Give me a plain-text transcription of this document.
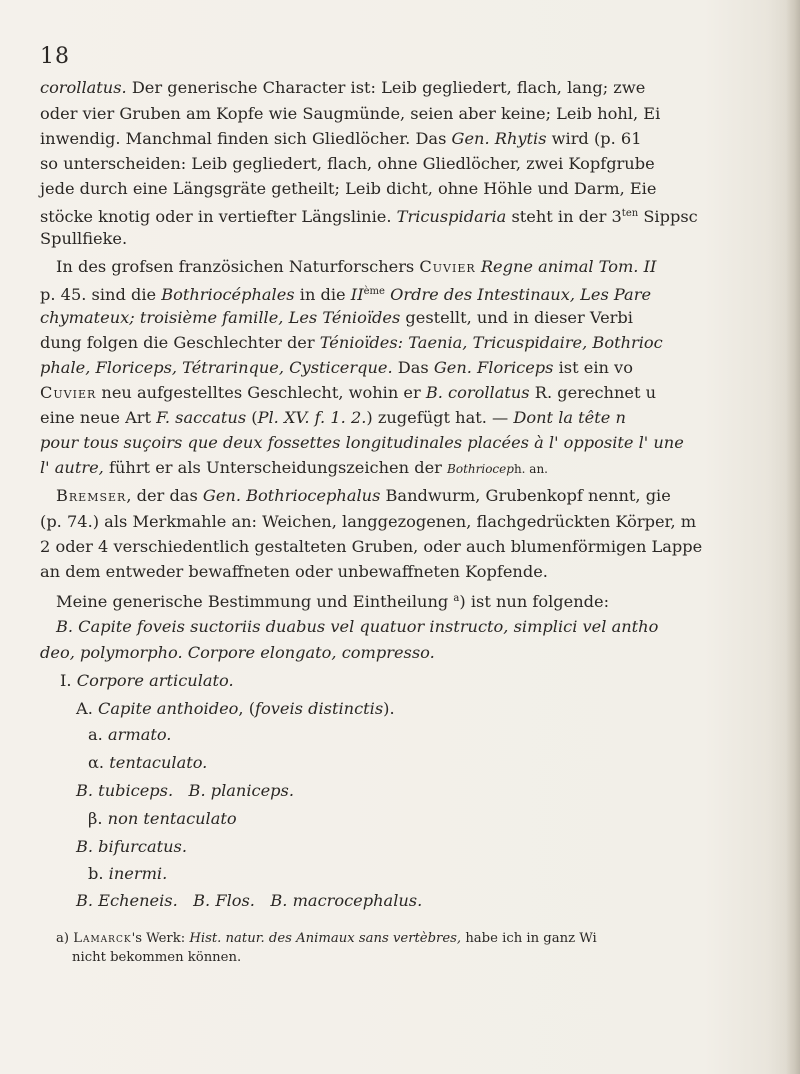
18
corollatus. Der generische Character ist: Leib gegliedert, flach, lang; zwe
oder vier Gruben am Kopfe wie Saugmünde, seien aber keine; Leib hohl, Ei
inwendig. Manchmal finden sich Gliedlöcher. Das Gen. Rhytis wird (p. 61
so unterscheiden: Leib gegliedert, flach, ohne Gliedlöcher, zwei Kopfgrube
jede durch eine Längsgräte getheilt; Leib dicht, ohne Höhle und Darm, Eie
stöcke knotig oder in vertiefter Längslinie. Tricuspidaria steht in der $3^{ten}$ Sippsc
Spullfieke.
In des grofsen französichen Naturforschers Cuvier Regne animal Tom. II
p. 45. sind die Bothriocéphales in die IIème Ordre des Intestinaux, Les Pare
chymateux; troisième famille, Les Ténioïdes gestellt, und in dieser Verbi
dung folgen die Geschlechter der Ténioïdes: Taenia, Tricuspidaire, Bothrioc
phale, Floriceps, Tétrarinque, Cysticerque. Das Gen. Floriceps ist ein vo
Cuvier neu aufgestelltes Geschlecht, wohin er B. corollatus R. gerechnet u
eine neue Art F. saccatus (Pl. XV. f. 1. 2.) zugefügt hat. — Dont la tête n
pour tous suçoirs que deux fossettes longitudinales placées à l' opposite l' une
l' autre, führt er als Unterscheidungszeichen der Bothrioceph. an.
Bremser, der das Gen. Bothriocephalus Bandwurm, Grubenkopf nennt, gie
(p. 74.) als Merkmahle an: Weichen, langgezogenen, flachgedrückten Körper, m
2 oder 4 verschiedentlich gestalteten Gruben, oder auch blumenförmigen Lappe
an dem entweder bewaffneten oder unbewaffneten Kopfende.
Meine generische Bestimmung und Eintheilung $^a$) ist nun folgende:
B. Capite foveis suctoriis duabus vel quatuor instructo, simplici vel antho
deo, polymorpho. Corpore elongato, compresso.
I. Corpore articulato.
A. Capite anthoideo, (foveis distinctis).
a. armato.
α. tentaculato.
B. tubiceps.   B. planiceps.
β. non tentaculato
B. bifurcatus.
b. inermi.
B. Echeneis.   B. Flos.   B. macrocephalus.
a) Lamarck's Werk: Hist. natur. des Animaux sans vertèbres, habe ich in ganz Wi
nicht bekommen können.
